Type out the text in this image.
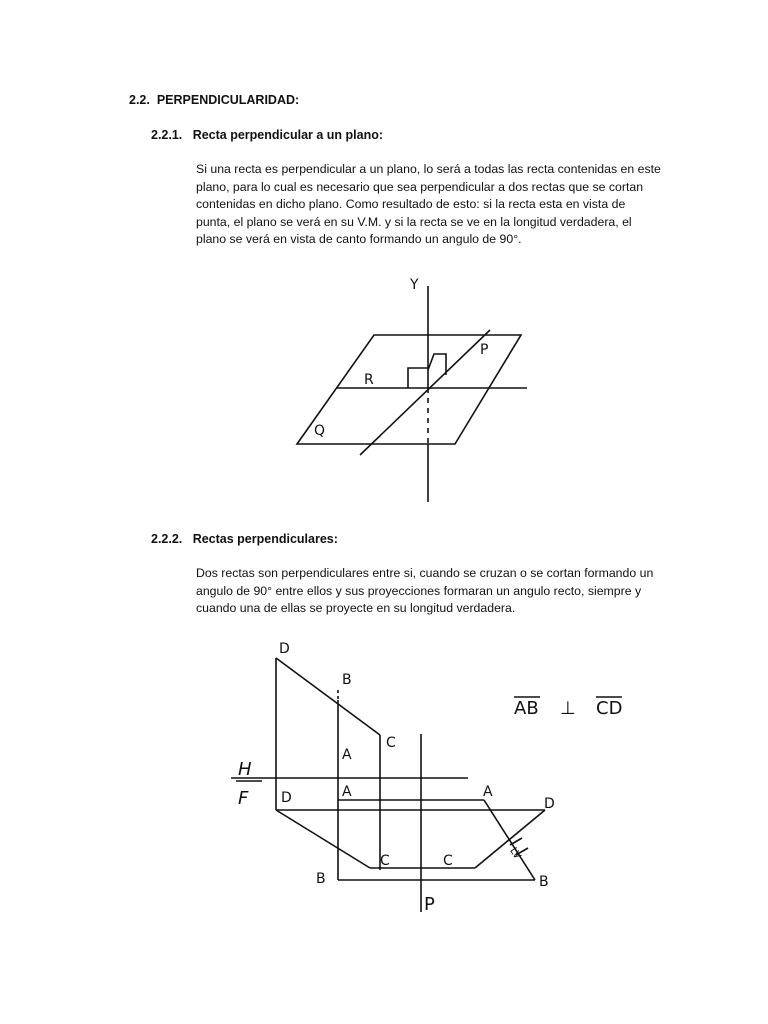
2.2. PERPENDICULARIDAD:
2.2.1. Recta perpendicular a un plano:
Si una recta es perpendicular a un plano, lo será a todas las recta contenidas en este
plano, para lo cual es necesario que sea perpendicular a dos rectas que se cortan
contenidas en dicho plano. Como resultado de esto: si la recta esta en vista de
punta, el plano se verá en su V.M. y si la recta se ve en la longitud verdadera, el
plano se verá en vista de canto formando un angulo de 90°.
Y
P
R
Q
2.2.2. Rectas perpendiculares:
Dos rectas son perpendiculares entre si, cuando se cruzan o se cortan formando un
angulo de 90° entre ellos y sus proyecciones formaran un angulo recto, siempre y
cuando una de ellas se proyecte en su longitud verdadera.
D
B
A
C
H
F D	A	A
D
C	C
B	B
P
LV
AB ⊥ CD
